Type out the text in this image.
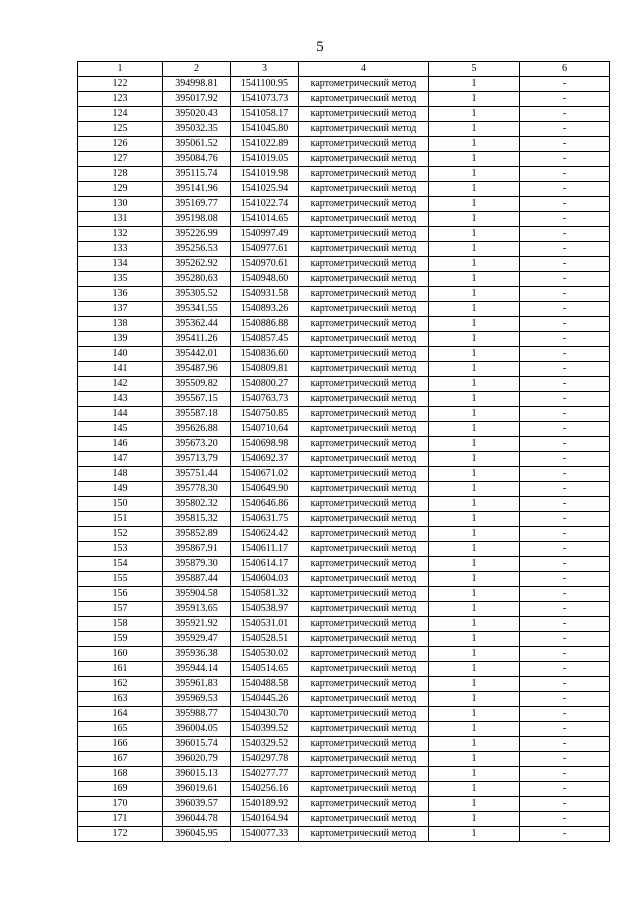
5
1	2	3	4	5	6
122	394998.81	1541100.95	картометрический метод	1	-
123	395017.92	1541073.73	картометрический метод	1	-
124	395020.43	1541058.17	картометрический метод	1	-
125	395032.35	1541045.80	картометрический метод	1	-
126	395061.52	1541022.89	картометрический метод	1	-
127	395084.76	1541019.05	картометрический метод	1	-
128	395115.74	1541019.98	картометрический метод	1	-
129	395141.96	1541025.94	картометрический метод	1	-
130	395169.77	1541022.74	картометрический метод	1	-
131	395198.08	1541014.65	картометрический метод	1	-
132	395226.99	1540997.49	картометрический метод	1	-
133	395256.53	1540977.61	картометрический метод	1	-
134	395262.92	1540970.61	картометрический метод	1	-
135	395280.63	1540948.60	картометрический метод	1	-
136	395305.52	1540931.58	картометрический метод	1	-
137	395341.55	1540893.26	картометрический метод	1	-
138	395362.44	1540886.88	картометрический метод	1	-
139	395411.26	1540857.45	картометрический метод	1	-
140	395442.01	1540836.60	картометрический метод	1	-
141	395487.96	1540809.81	картометрический метод	1	-
142	395509.82	1540800.27	картометрический метод	1	-
143	395567.15	1540763.73	картометрический метод	1	-
144	395587.18	1540750.85	картометрический метод	1	-
145	395626.88	1540710.64	картометрический метод	1	-
146	395673.20	1540698.98	картометрический метод	1	-
147	395713.79	1540692.37	картометрический метод	1	-
148	395751.44	1540671.02	картометрический метод	1	-
149	395778.30	1540649.90	картометрический метод	1	-
150	395802.32	1540646.86	картометрический метод	1	-
151	395815.32	1540631.75	картометрический метод	1	-
152	395852.89	1540624.42	картометрический метод	1	-
153	395867.91	1540611.17	картометрический метод	1	-
154	395879.30	1540614.17	картометрический метод	1	-
155	395887.44	1540604.03	картометрический метод	1	-
156	395904.58	1540581.32	картометрический метод	1	-
157	395913.65	1540538.97	картометрический метод	1	-
158	395921.92	1540531.01	картометрический метод	1	-
159	395929.47	1540528.51	картометрический метод	1	-
160	395936.38	1540530.02	картометрический метод	1	-
161	395944.14	1540514.65	картометрический метод	1	-
162	395961.83	1540488.58	картометрический метод	1	-
163	395969.53	1540445.26	картометрический метод	1	-
164	395988.77	1540430.70	картометрический метод	1	-
165	396004.05	1540399.52	картометрический метод	1	-
166	396015.74	1540329.52	картометрический метод	1	-
167	396020.79	1540297.78	картометрический метод	1	-
168	396015.13	1540277.77	картометрический метод	1	-
169	396019.61	1540256.16	картометрический метод	1	-
170	396039.57	1540189.92	картометрический метод	1	-
171	396044.78	1540164.94	картометрический метод	1	-
172	396045.95	1540077.33	картометрический метод	1	-
